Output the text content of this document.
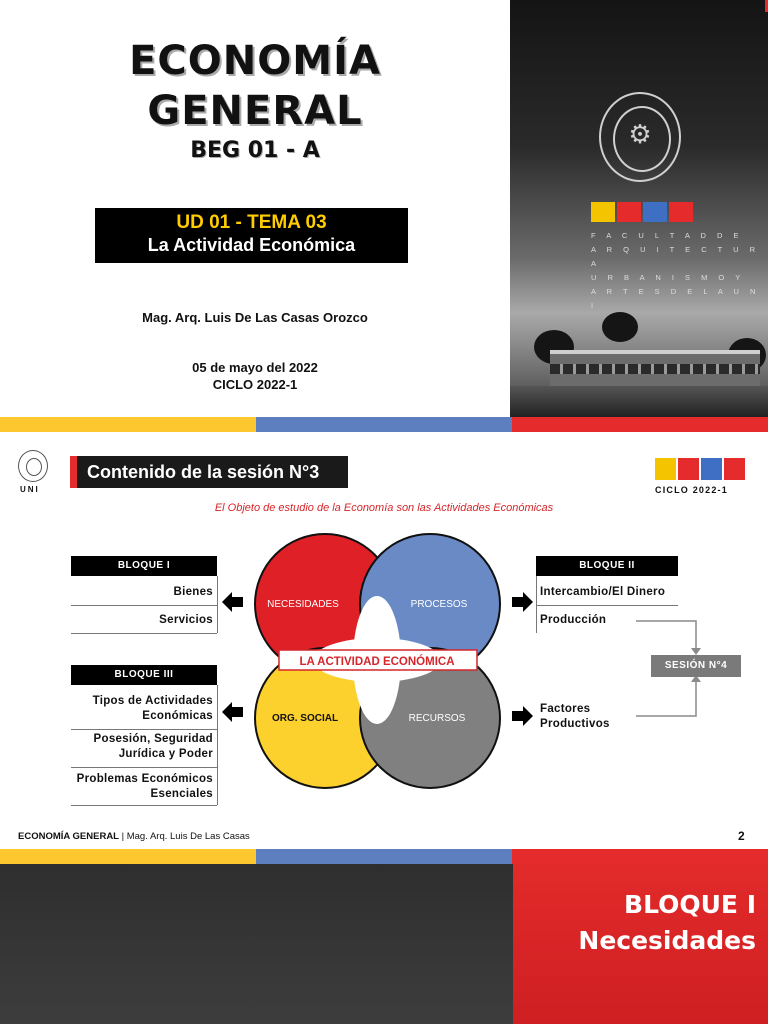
ECONOMÍA
GENERAL
BEG 01 - A
UD 01 - TEMA 03
La Actividad Económica
Mag. Arq. Luis De Las Casas Orozco
05 de mayo del 2022
CICLO 2022-1
⚙
F A C U L T A D D E
A R Q U I T E C T U R A
U R B A N I S M O Y
A R T E S D E L A U N I
UNI
Contenido de la sesión N°3
CICLO 2022-1
El Objeto de estudio de la Economía son las Actividades Económicas
BLOQUE I
Bienes
Servicios
BLOQUE III
Tipos de Actividades Económicas
Posesión, Seguridad Jurídica y Poder
Problemas Económicos Esenciales
BLOQUE II
Intercambio/El Dinero
Producción
Factores Productivos
SESIÓN N°4
LA ACTIVIDAD ECONÓMICA
NECESIDADES	PROCESOS
ORG. SOCIAL	RECURSOS
ECONOMÍA GENERAL | Mag. Arq. Luis De Las Casas	2
BLOQUE I
Necesidades
